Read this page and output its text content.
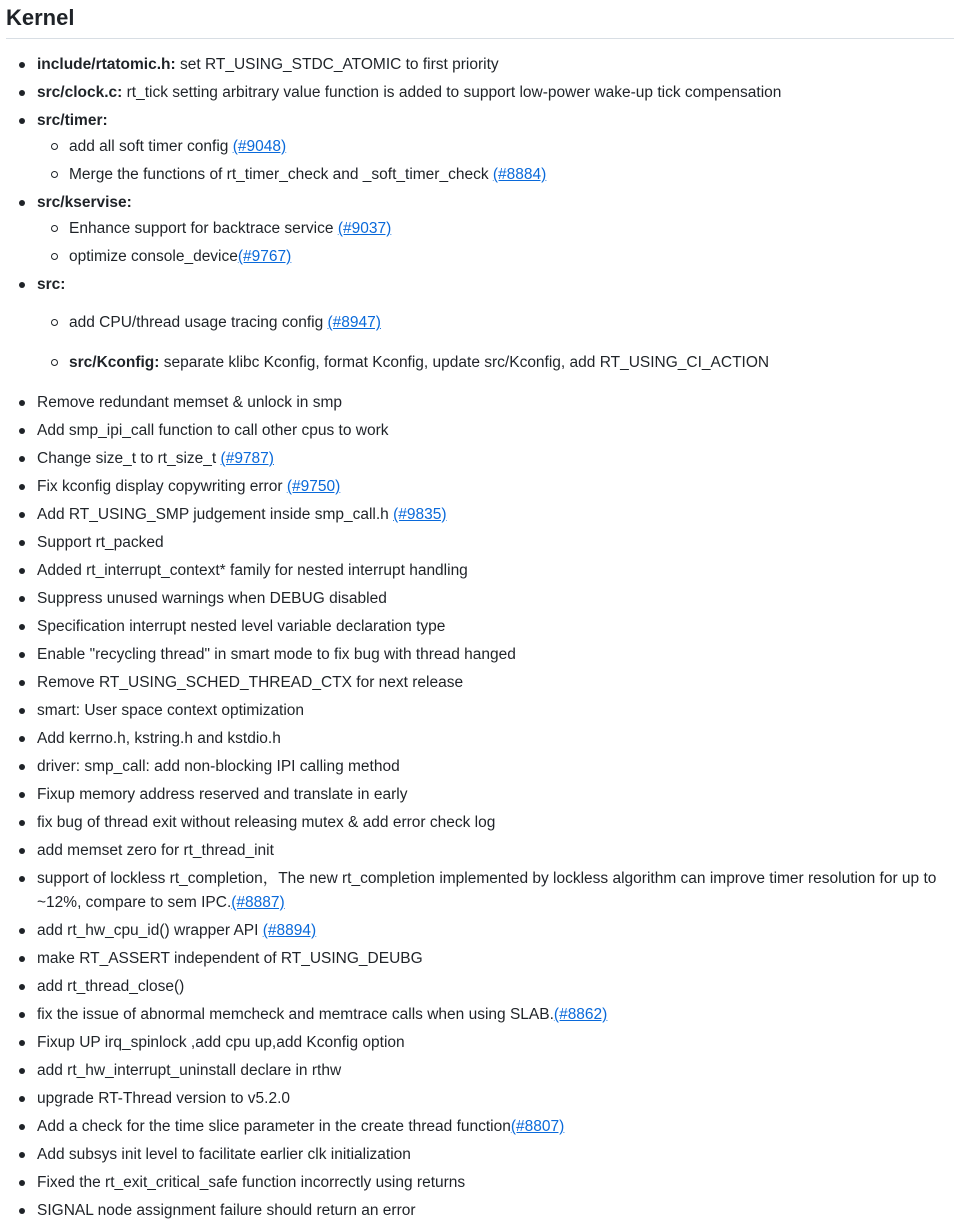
Kernel
include/rtatomic.h: set RT_USING_STDC_ATOMIC to first priority
src/clock.c: rt_tick setting arbitrary value function is added to support low-power wake-up tick compensation
src/timer:
add all soft timer config (#9048)
Merge the functions of rt_timer_check and _soft_timer_check (#8884)
src/kservise:
Enhance support for backtrace service (#9037)
optimize console_device(#9767)
src:
add CPU/thread usage tracing config (#8947)
src/Kconfig: separate klibc Kconfig, format Kconfig, update src/Kconfig, add RT_USING_CI_ACTION
Remove redundant memset & unlock in smp
Add smp_ipi_call function to call other cpus to work
Change size_t to rt_size_t (#9787)
Fix kconfig display copywriting error (#9750)
Add RT_USING_SMP judgement inside smp_call.h (#9835)
Support rt_packed
Added rt_interrupt_context* family for nested interrupt handling
Suppress unused warnings when DEBUG disabled
Specification interrupt nested level variable declaration type
Enable "recycling thread" in smart mode to fix bug with thread hanged
Remove RT_USING_SCHED_THREAD_CTX for next release
smart: User space context optimization
Add kerrno.h, kstring.h and kstdio.h
driver: smp_call: add non-blocking IPI calling method
Fixup memory address reserved and translate in early
fix bug of thread exit without releasing mutex & add error check log
add memset zero for rt_thread_init
support of lockless rt_completion，The new rt_completion implemented by lockless algorithm can improve timer resolution for up to ~12%, compare to sem IPC.(#8887)
add rt_hw_cpu_id() wrapper API (#8894)
make RT_ASSERT independent of RT_USING_DEUBG
add rt_thread_close()
fix the issue of abnormal memcheck and memtrace calls when using SLAB.(#8862)
Fixup UP irq_spinlock ,add cpu up,add Kconfig option
add rt_hw_interrupt_uninstall declare in rthw
upgrade RT-Thread version to v5.2.0
Add a check for the time slice parameter in the create thread function(#8807)
Add subsys init level to facilitate earlier clk initialization
Fixed the rt_exit_critical_safe function incorrectly using returns
SIGNAL node assignment failure should return an error
